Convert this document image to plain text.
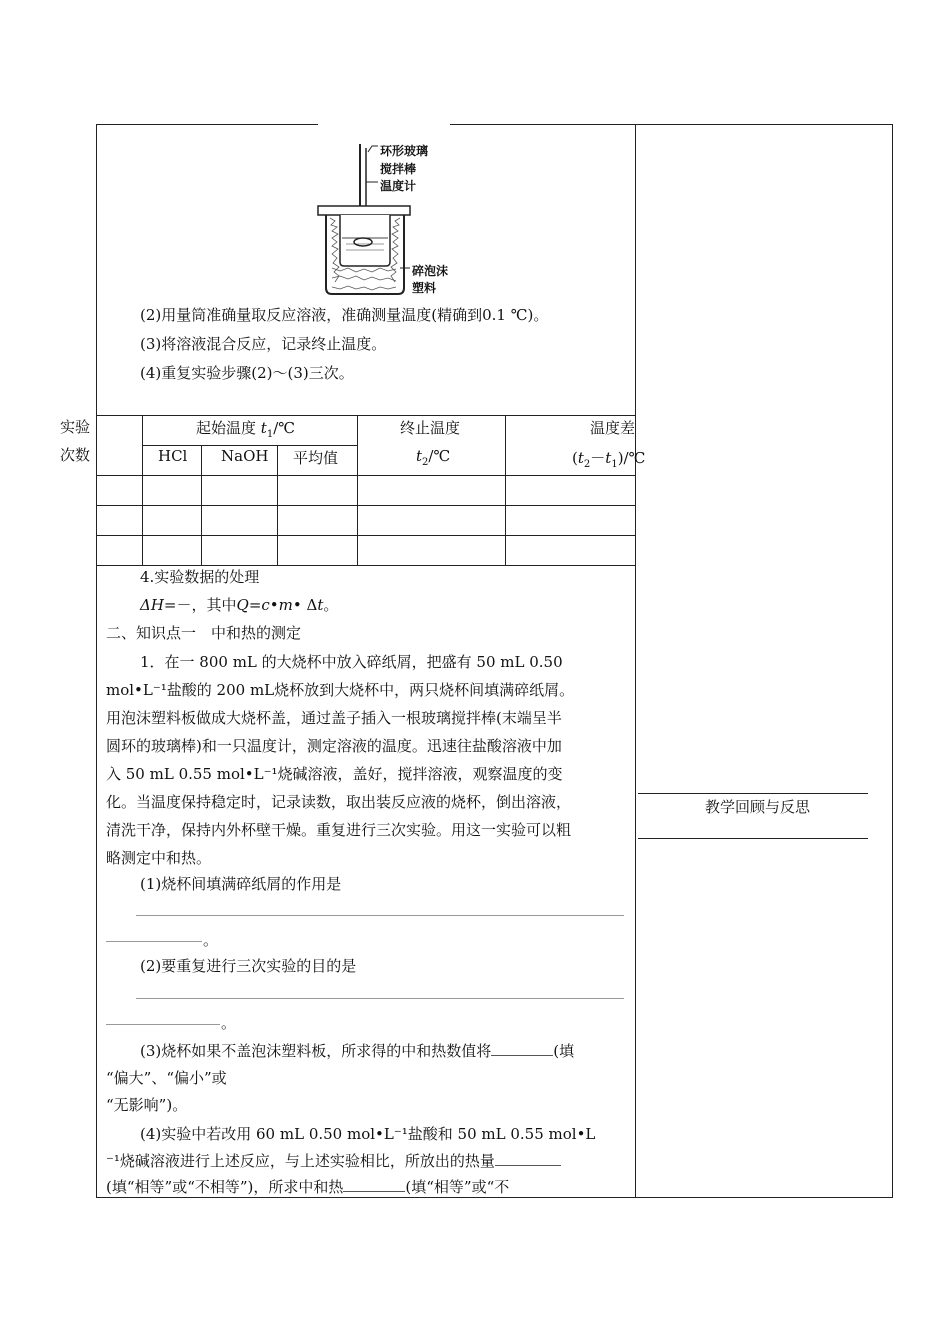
环形玻璃
搅拌棒
温度计
碎泡沫
塑料
(2)用量筒准确量取反应溶液，准确测量温度(精确到0.1 ℃)。
(3)将溶液混合反应，记录终止温度。
(4)重复实验步骤(2)～(3)三次。
实验
次数
起始温度 $t_1/℃$
HCl NaOH 平均值
终止温度
$t_2/℃$
温度差
$(t_2-t_1)/℃$
4.实验数据的处理
ΔH=－，其中Q=c•m• Δt。
二、知识点一　中和热的测定
1．在一 800 mL 的大烧杯中放入碎纸屑，把盛有 50 mL 0.50
mol•L⁻¹盐酸的 200 mL烧杯放到大烧杯中，两只烧杯间填满碎纸屑。
用泡沫塑料板做成大烧杯盖，通过盖子插入一根玻璃搅拌棒(末端呈半
圆环的玻璃棒)和一只温度计，测定溶液的温度。迅速往盐酸溶液中加
入 50 mL 0.55 mol•L⁻¹烧碱溶液，盖好，搅拌溶液，观察温度的变
化。当温度保持稳定时，记录读数，取出装反应液的烧杯，倒出溶液，
清洗干净，保持内外杯壁干燥。重复进行三次实验。用这一实验可以粗
略测定中和热。
(1)烧杯间填满碎纸屑的作用是
。
(2)要重复进行三次实验的目的是
。
(3)烧杯如果不盖泡沫塑料板，所求得的中和热数值将	(填
“偏大”、“偏小”或
“无影响”)。
(4)实验中若改用 60 mL 0.50 mol•L⁻¹盐酸和 50 mL 0.55 mol•L
⁻¹烧碱溶液进行上述反应，与上述实验相比，所放出的热量
(填“相等”或“不相等”)，所求中和热	(填“相等”或“不
教学回顾与反思
